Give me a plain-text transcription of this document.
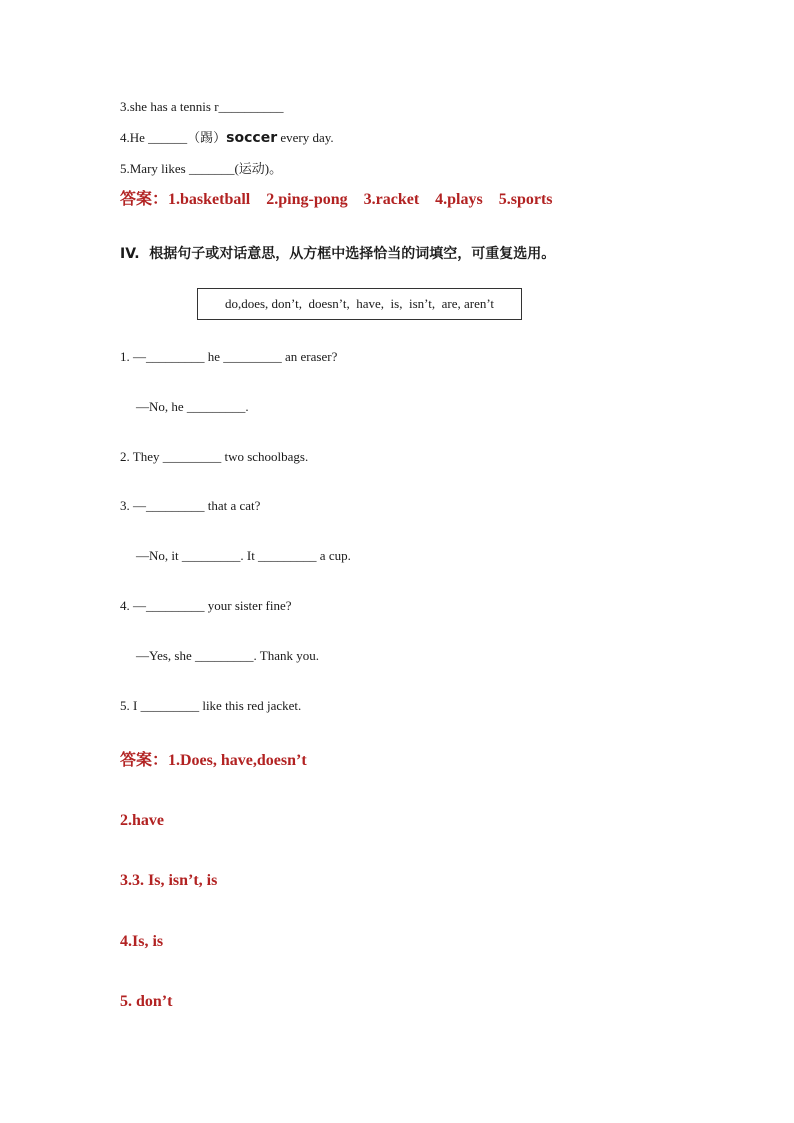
3.she has a tennis r__________
4.He ______（踢）soccer every day.
5.Mary likes _______(运动)。
答案：1.basketball    2.ping-pong    3.racket    4.plays    5.sports
IV.  根据句子或对话意思，从方框中选择恰当的词填空，可重复选用。
do,does, don’t,  doesn’t,  have,  is,  isn’t,  are, aren’t
1. —_________ he _________ an eraser?
—No, he _________.
2. They _________ two schoolbags.
3. —_________ that a cat?
—No, it _________. It _________ a cup.
4. —_________ your sister fine?
—Yes, she _________. Thank you.
5. I _________ like this red jacket.
答案：1.Does, have,doesn’t
2.have
3.3. Is, isn’t, is
4.Is, is
5. don’t
